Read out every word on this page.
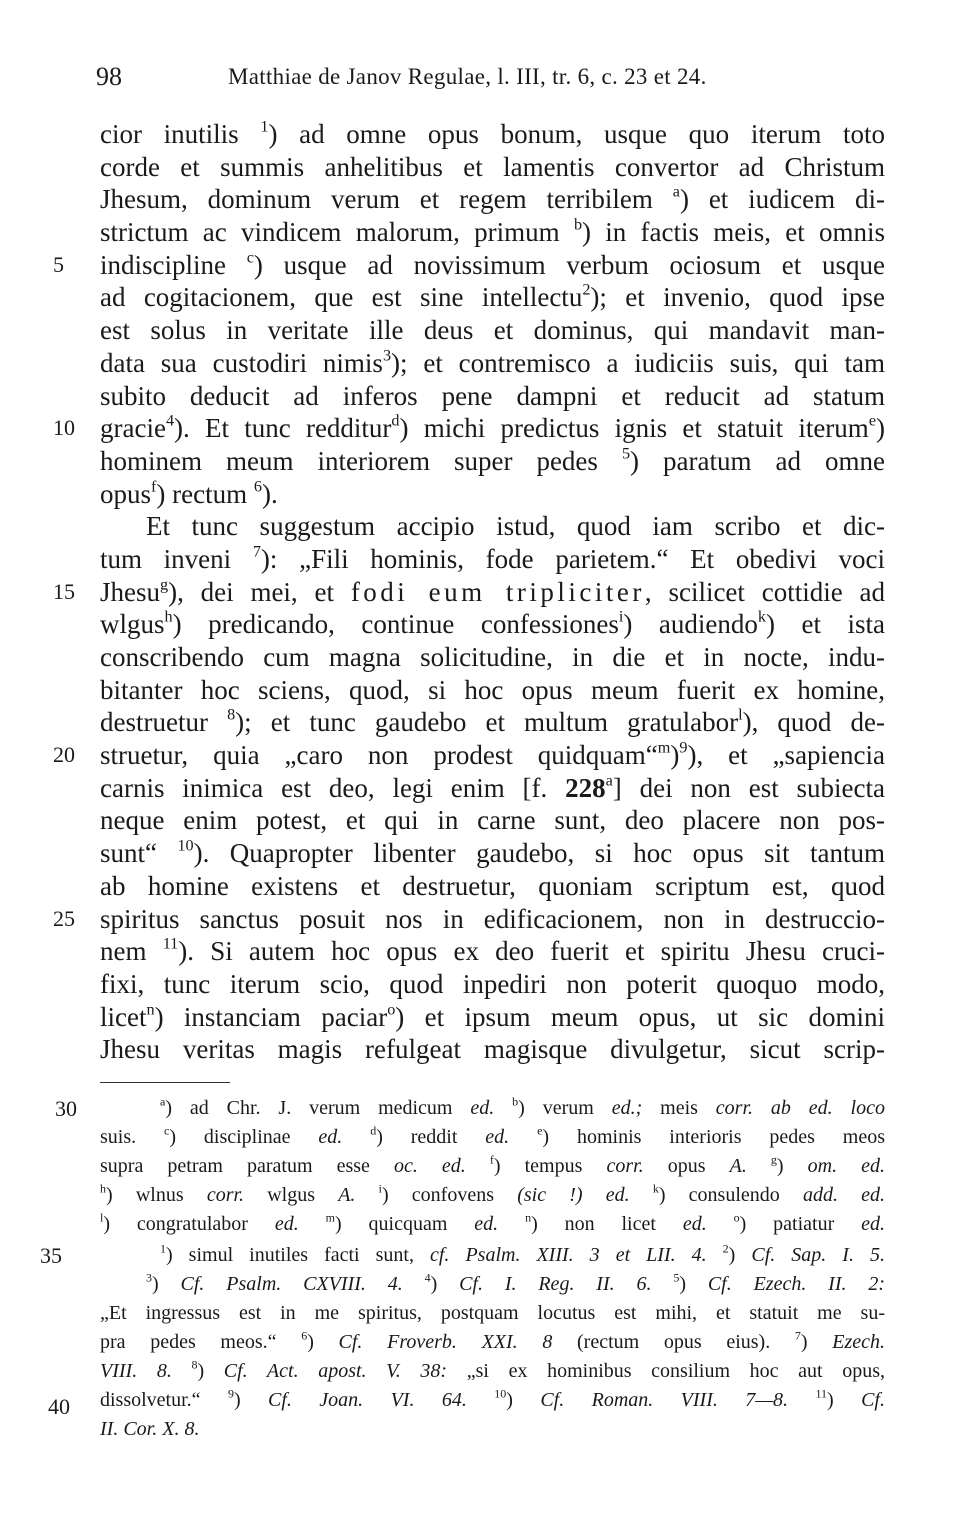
98	Matthiae de Janov Regulae, l. III, tr. 6, c. 23 et 24.
cior inutilis $^1$) ad omne opus bonum, usque quo iterum toto
corde et summis anhelitibus et lamentis convertor ad Christum
Jhesum, dominum verum et regem terribilem $^a$) et iudicem di-
strictum ac vindicem malorum, primum $^b$) in factis meis, et omnis
5	indiscipline $^c$) usque ad novissimum verbum ociosum et usque
ad cogitacionem, que est sine intellectu$^2$); et invenio, quod ipse
est solus in veritate ille deus et dominus, qui mandavit man-
data sua custodiri nimis$^3$); et contremisco a iudiciis suis, qui tam
subito deducit ad inferos pene dampni et reducit ad statum
10 gracie$^4$). Et tunc redditur$^d$) michi predictus ignis et statuit iterum$^e$)
hominem meum interiorem super pedes $^5$) paratum ad omne
opus$^f$) rectum $^6$).
Et tunc suggestum accipio istud, quod iam scribo et dic-
tum inveni $^7$): „Fili hominis, fode parietem.“ Et obedivi voci
15 Jhesu$^g$), dei mei, et fodi eum tripliciter, scilicet cottidie ad
wlgus$^h$) predicando, continue confessiones$^i$) audiendo$^k$) et ista
conscribendo cum magna solicitudine, in die et in nocte, indu-
bitanter hoc sciens, quod, si hoc opus meum fuerit ex homine,
destruetur $^8$); et tunc gaudebo et multum gratulabor$^l$), quod de-
20 struetur, quia „caro non prodest quidquam“$^m$)$^9$), et „sapiencia
carnis inimica est deo, legi enim [f. 228$^a$] dei non est subiecta
neque enim potest, et qui in carne sunt, deo placere non pos-
sunt“ $^{10}$). Quapropter libenter gaudebo, si hoc opus sit tantum
ab homine existens et destruetur, quoniam scriptum est, quod
25 spiritus sanctus posuit nos in edificacionem, non in destruccio-
nem $^{11}$). Si autem hoc opus ex deo fuerit et spiritu Jhesu cruci-
fixi, tunc iterum scio, quod inpediri non poterit quoquo modo,
licet$^n$) instanciam paciar$^o$) et ipsum meum opus, ut sic domini
Jhesu veritas magis refulgeat magisque divulgetur, sicut scrip-
30	$^a$) ad Chr. J. verum medicum ed. $^b$) verum ed.; meis corr. ab ed. loco
suis. $^c$) disciplinae ed. $^d$) reddit ed. $^e$) hominis interioris pedes meos
supra petram paratum esse oc. ed. $^f$) tempus corr. opus A. $^g$) om. ed.
$^h$) wlnus corr. wlgus A. $^i$) confovens (sic !) ed. $^k$) consulendo add. ed.
$^l$) congratulabor ed. $^m$) quicquam ed. $^n$) non licet ed. $^o$) patiatur ed.
35	$^1$) simul inutiles facti sunt, cf. Psalm. XIII. 3 et LII. 4. $^2$) Cf. Sap. I. 5.
$^3$) Cf. Psalm. CXVIII. 4. $^4$) Cf. I. Reg. II. 6. $^5$) Cf. Ezech. II. 2:
„Et ingressus est in me spiritus, postquam locutus est mihi, et statuit me su-
pra pedes meos.“ $^6$) Cf. Froverb. XXI. 8 (rectum opus eius). $^7$) Ezech.
VIII. 8. $^8$) Cf. Act. apost. V. 38: „si ex hominibus consilium hoc aut opus,
40 dissolvetur.“ $^9$) Cf. Joan. VI. 64. $^{10}$) Cf. Roman. VIII. 7—8. $^{11}$) Cf.
II. Cor. X. 8.
